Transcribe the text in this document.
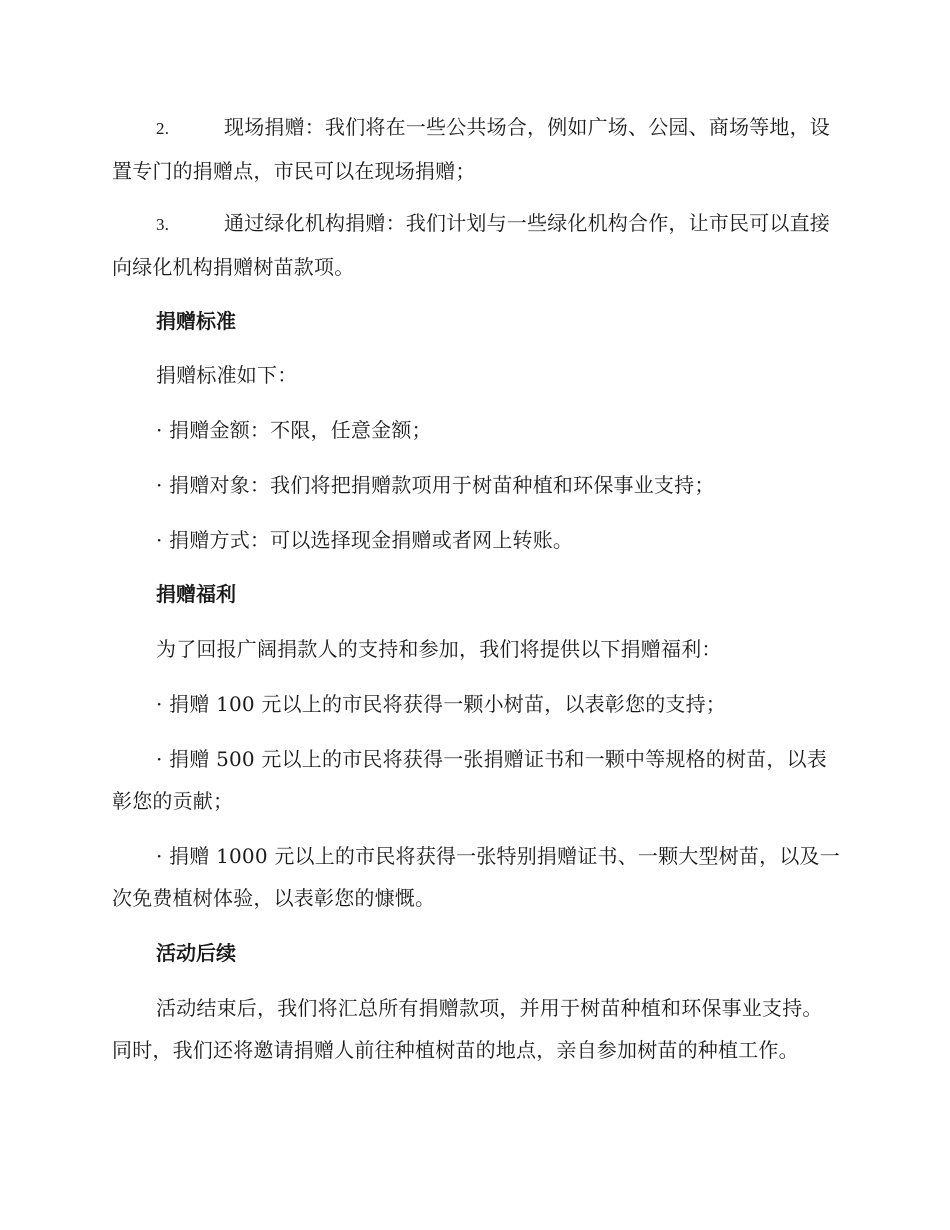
2.	现场捐赠：我们将在一些公共场合，例如广场、公园、商场等地，设置专门的捐赠点，市民可以在现场捐赠；

3.	通过绿化机构捐赠：我们计划与一些绿化机构合作，让市民可以直接向绿化机构捐赠树苗款项。

捐赠标准

捐赠标准如下：

· 捐赠金额：不限，任意金额；

· 捐赠对象：我们将把捐赠款项用于树苗种植和环保事业支持；

· 捐赠方式：可以选择现金捐赠或者网上转账。

捐赠福利

为了回报广阔捐款人的支持和参加，我们将提供以下捐赠福利：

· 捐赠 100 元以上的市民将获得一颗小树苗，以表彰您的支持；

· 捐赠 500 元以上的市民将获得一张捐赠证书和一颗中等规格的树苗，以表彰您的贡献；

· 捐赠 1000 元以上的市民将获得一张特别捐赠证书、一颗大型树苗，以及一次免费植树体验，以表彰您的慷慨。

活动后续

活动结束后，我们将汇总所有捐赠款项，并用于树苗种植和环保事业支持。同时，我们还将邀请捐赠人前往种植树苗的地点，亲自参加树苗的种植工作。
